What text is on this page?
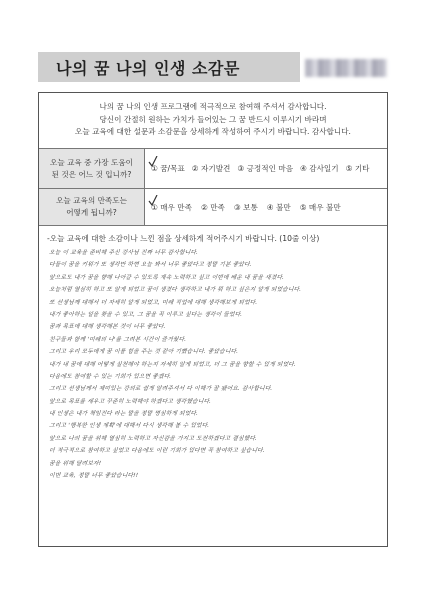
나의 꿈 나의 인생 소감문
나의 꿈 나의 인생 프로그램에 적극적으로 참여해 주셔서 감사합니다.
당신이 간절히 원하는 가치가 들어있는 그 꿈 반드시 이루시기 바라며
오늘 교육에 대한 설문과 소감문을 상세하게 작성하여 주시기 바랍니다. 감사합니다.
오늘 교육 중 가장 도움이
된 것은 어느 것 입니까?
① 꿈/목표 ② 자기발견 ③ 긍정적인 마음 ④ 감사일기 ⑤ 기타
오늘 교육의 만족도는
어떻게 됩니까?
① 매우 만족 ② 만족 ③ 보통 ④ 불만 ⑤ 매우 불만
-오늘 교육에 대한 소감이나 느낀 점을 상세하게 적어주시기 바랍니다. (10줄 이상)
오늘 이 교육을 준비해 주신 강사님 진짜 너무 감사합니다.
다들이 꿈을 키워가 또 생각만 하면 오늘 봐서 너무 좋았다고 정말 기분 좋았다.
앞으로도 내가 꿈을 향해 나아갈 수 있도록 계속 노력하고 싶고 이번에 배운 내 꿈을 새겼다.
오늘처럼 열심히 하고 또 알게 되었고 꿈이 생겼다 생각하고 내가 뭐 하고 싶은지 알게 되었습니다.
또 선생님께 대해서 더 자세히 알게 되었고, 미래 직업에 대해 생각해보게 되었다.
내가 좋아하는 일을 찾을 수 있고, 그 꿈을 꼭 이루고 싶다는 생각이 들었다.
꿈과 목표에 대해 생각해본 것이 너무 좋았다.
친구들과 함께 '미래의 나'를 그려본 시간이 즐거웠다.
그리고 우리 모두에게 꿈 이룰 힘을 주는 것 같아 기뻤습니다. 좋았습니다.
내가 내 꿈에 대해 어떻게 실천해야 하는지 자세히 알게 되었고, 더 그 꿈을 향할 수 있게 되었다.
다음에도 참여할 수 있는 기회가 있으면 좋겠다.
그리고 선생님께서 재미있는 강의로 쉽게 알려주셔서 다 이해가 잘 됐어요. 감사합니다.
앞으로 목표를 세우고 꾸준히 노력해야 하겠다고 생각했습니다.
내 인생은 내가 책임진다 라는 말을 정말 명심하게 되었다.
그리고 '행복한 인생 계획'에 대해서 다시 생각해 볼 수 있었다.
앞으로 나의 꿈을 위해 열심히 노력하고 자신감을 가지고 도전하겠다고 결심했다.
더 적극적으로 참여하고 싶었고 다음에도 이런 기회가 있다면 꼭 참여하고 싶습니다.
꿈을 위해 달려보자!
이번 교육, 정말 너무 좋았습니다!!
